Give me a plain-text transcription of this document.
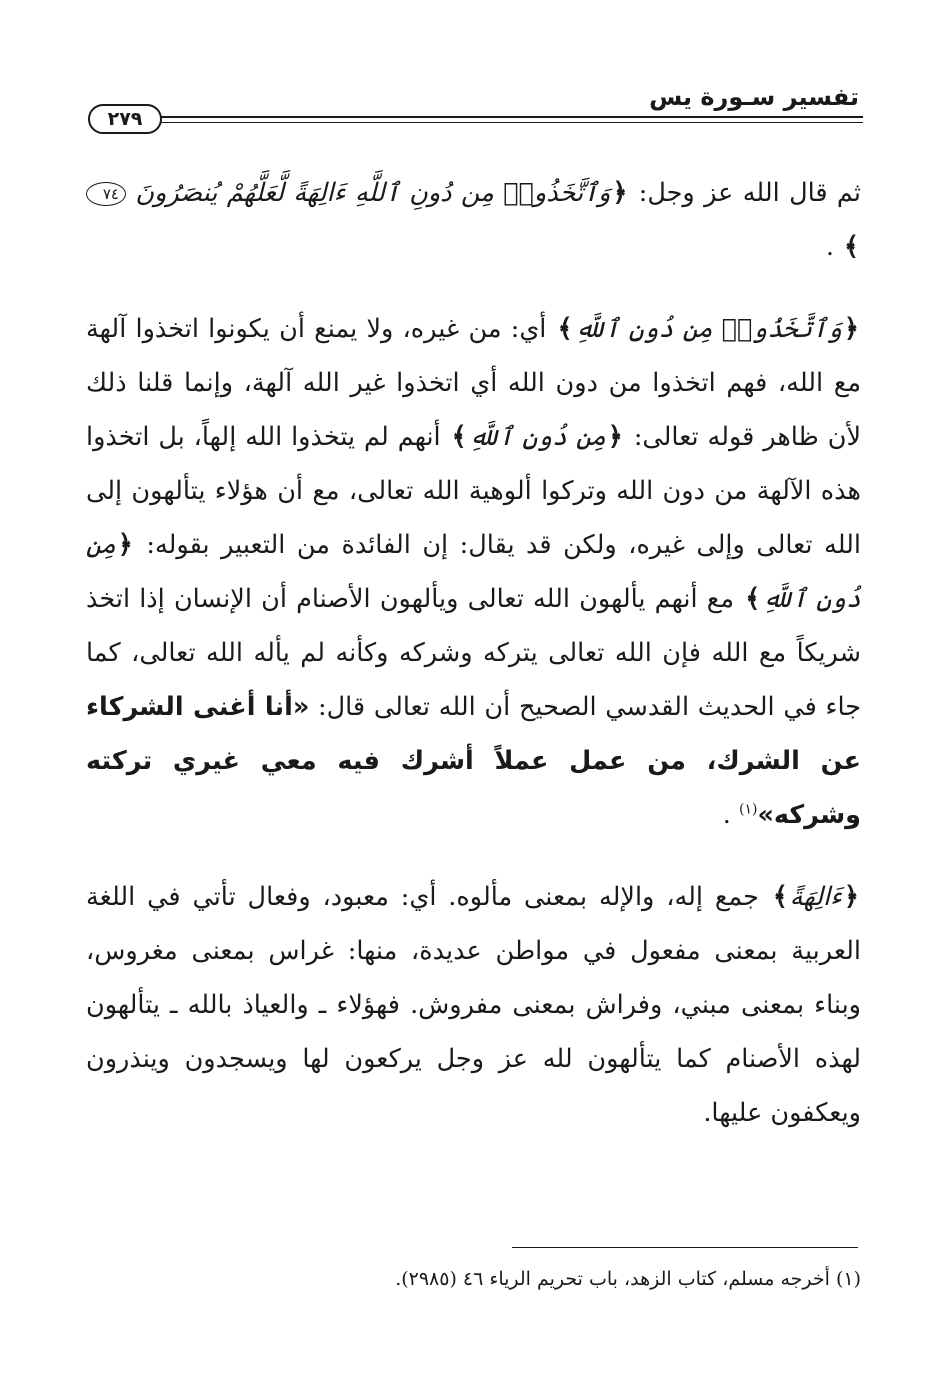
تفسير سـورة يس
٢٧٩

ثم قال الله عز وجل: ﴿وَٱتَّخَذُوا۟ مِن دُونِ ٱللَّهِ ءَالِهَةً لَّعَلَّهُمْ يُنصَرُونَ ٧٤﴾ .

﴿وَٱتَّخَذُوا۟ مِن دُونِ ٱللَّهِ﴾ أي: من غيره، ولا يمنع أن يكونوا اتخذوا آلهة مع الله، فهم اتخذوا من دون الله أي اتخذوا غير الله آلهة، وإنما قلنا ذلك لأن ظاهر قوله تعالى: ﴿مِن دُونِ ٱللَّهِ﴾ أنهم لم يتخذوا الله إلهاً، بل اتخذوا هذه الآلهة من دون الله وتركوا ألوهية الله تعالى، مع أن هؤلاء يتألهون إلى الله تعالى وإلى غيره، ولكن قد يقال: إن الفائدة من التعبير بقوله: ﴿مِن دُونِ ٱللَّهِ﴾ مع أنهم يألهون الله تعالى ويألهون الأصنام أن الإنسان إذا اتخذ شريكاً مع الله فإن الله تعالى يتركه وشركه وكأنه لم يأله الله تعالى، كما جاء في الحديث القدسي الصحيح أن الله تعالى قال: «أنا أغنى الشركاء عن الشرك، من عمل عملاً أشرك فيه معي غيري تركته وشركه»$^{(١)}$ .

﴿ءَالِهَةً﴾ جمع إله، والإله بمعنى مألوه. أي: معبود، وفعال تأتي في اللغة العربية بمعنى مفعول في مواطن عديدة، منها: غراس بمعنى مغروس، وبناء بمعنى مبني، وفراش بمعنى مفروش. فهؤلاء ـ والعياذ بالله ـ يتألهون لهذه الأصنام كما يتألهون لله عز وجل يركعون لها ويسجدون وينذرون ويعكفون عليها.

(١) أخرجه مسلم، كتاب الزهد، باب تحريم الرياء ٤٦ (٢٩٨٥).
